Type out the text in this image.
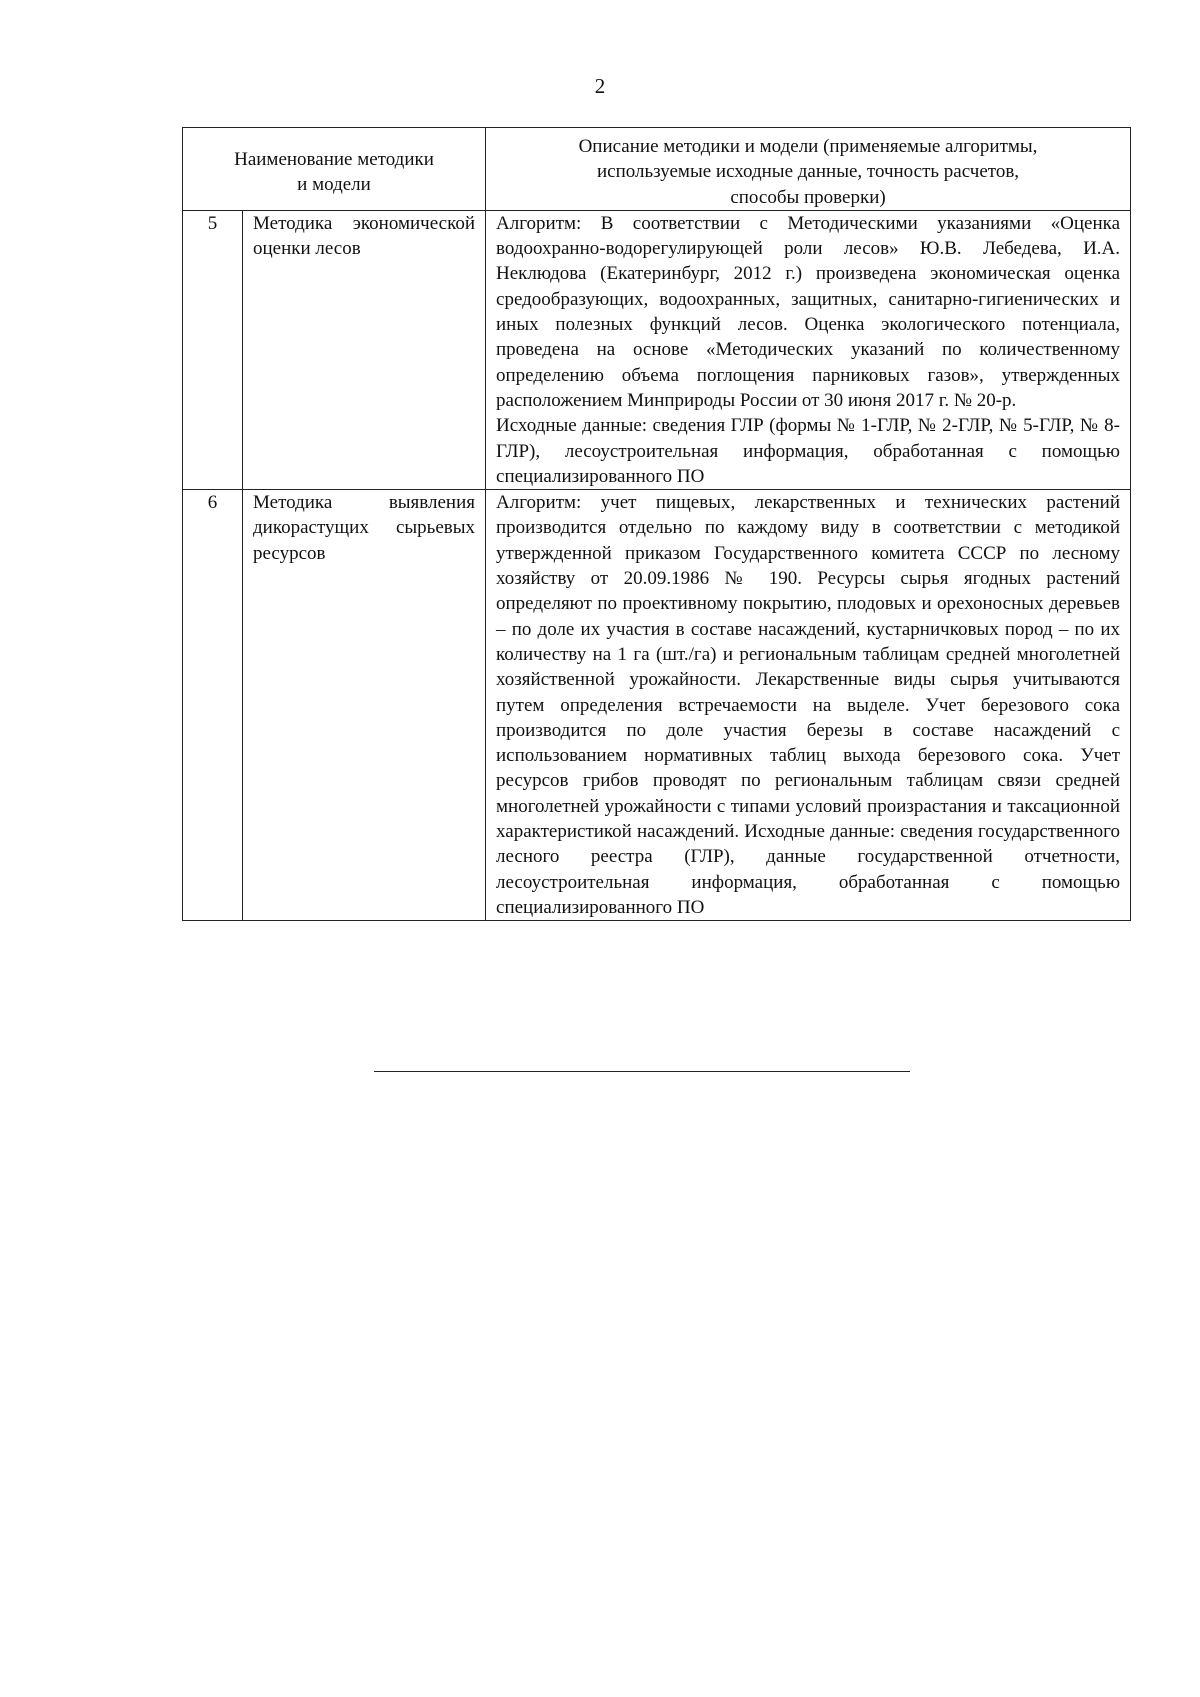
2
Наименование методики
и модели		Описание методики и модели (применяемые алгоритмы,
используемые исходные данные, точность расчетов,
способы проверки)

5	Методика экономической оценки лесов	Алгоритм: В соответствии с Методическими указаниями «Оценка водоохранно-водорегулирующей роли лесов» Ю.В. Лебедева, И.А. Неклюдова (Екатеринбург, 2012 г.) произведена экономическая оценка средообразующих, водоохранных, защитных, санитарно-гигиенических и иных полезных функций лесов. Оценка экологического потенциала, проведена на основе «Методических указаний по количественному определению объема поглощения парниковых газов», утвержденных расположением Минприроды России от 30 июня 2017 г. № 20-р.

Исходные данные: сведения ГЛР (формы № 1-ГЛР, № 2-ГЛР, № 5-ГЛР, № 8-ГЛР), лесоустроительная информация, обработанная с помощью специализированного ПО

6	Методика выявления дикорастущих сырьевых ресурсов	Алгоритм: учет пищевых, лекарственных и технических растений производится отдельно по каждому виду в соответствии с методикой утвержденной приказом Государственного комитета СССР по лесному хозяйству от 20.09.1986 № 190. Ресурсы сырья ягодных растений определяют по проективному покрытию, плодовых и орехоносных деревьев – по доле их участия в составе насаждений, кустарничковых пород – по их количеству на 1 га (шт./га) и региональным таблицам средней многолетней хозяйственной урожайности. Лекарственные виды сырья учитываются путем определения встречаемости на выделе. Учет березового сока производится по доле участия березы в составе насаждений с использованием нормативных таблиц выхода березового сока. Учет ресурсов грибов проводят по региональным таблицам связи средней многолетней урожайности с типами условий произрастания и таксационной характеристикой насаждений. Исходные данные: сведения государственного лесного реестра (ГЛР), данные государственной отчетности, лесоустроительная информация, обработанная с помощью специализированного ПО
